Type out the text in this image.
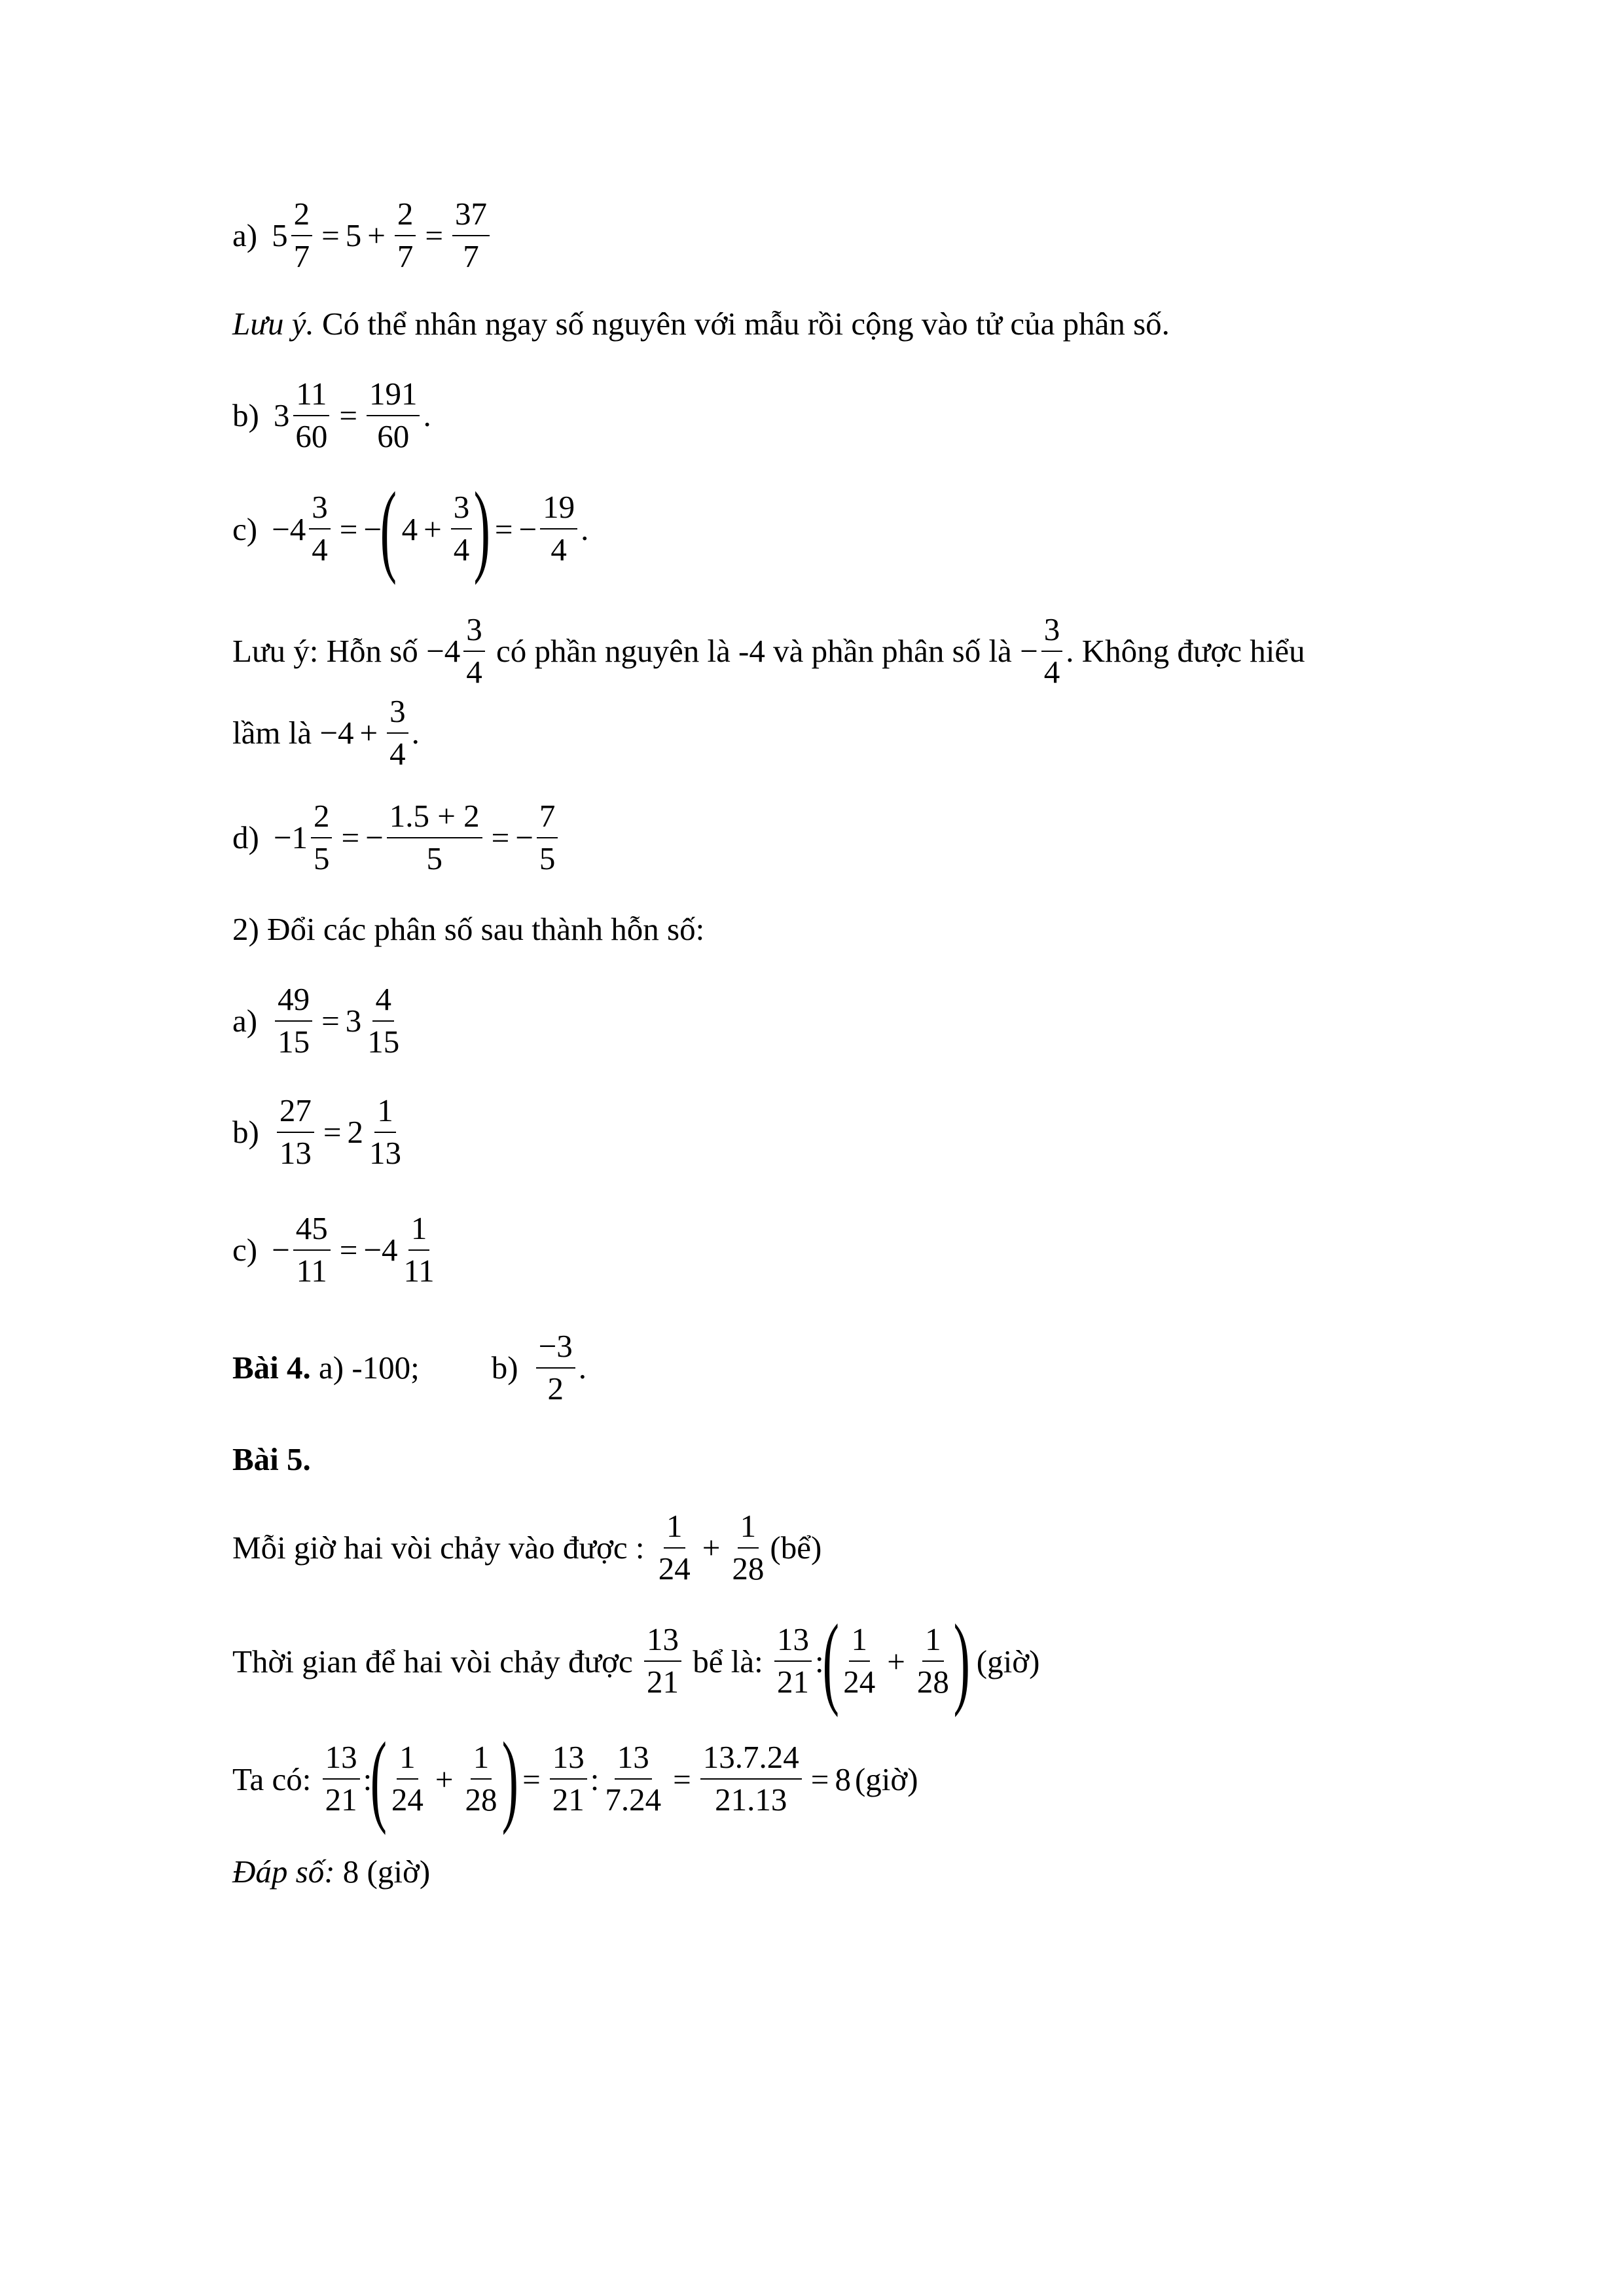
a) $5 \frac{2}{7} = 5 + \frac{2}{7} = \frac{37}{7}$
Lưu ý. Có thể nhân ngay số nguyên với mẫu rồi cộng vào tử của phân số.
b) $3 \frac{11}{60} = \frac{191}{60}$ .
$c) -4 \frac{3}{4}$ = −
( $4 + \frac{3}{4}$ ) = − $\frac{19}{4}$ .
Lưu ý: Hỗn số −4
3
4
có phần nguyên là -4 và phần phân số là − $\frac{3}{4}$ . Không được hiểu
lầm là $-4 + \frac{3}{4}$ .
$d) -1 \frac{2}{5}$ = − $\frac{1.5 + 2}{5}$ = − $\frac{7}{5}$
2) Đổi các phân số sau thành hỗn số:
$a) \frac{49}{15} = 3$
4
15
$b) \frac{27}{13} = 2$
1
13
$c) - \frac{45}{11} = -4$
1
11
Bài 4. a) -100; b)
−3
2
.
Bài 5.
Mỗi giờ hai vòi chảy vào được :
1
24
+ $\frac{1}{28}$ (bể)
Thời gian để hai vòi chảy được
13
21
bể là:
13
21
:
( 1
24
+ $\frac{1}{28}$ )
(giờ)
Ta có:
13
21
:
( 1
24
+ $\frac{1}{28}$ ) = $\frac{13}{21}$ : $\frac{13}{7.24} = \frac{13.7.24}{21.13} = 8$ (giờ)
Đáp số: 8 (giờ)
